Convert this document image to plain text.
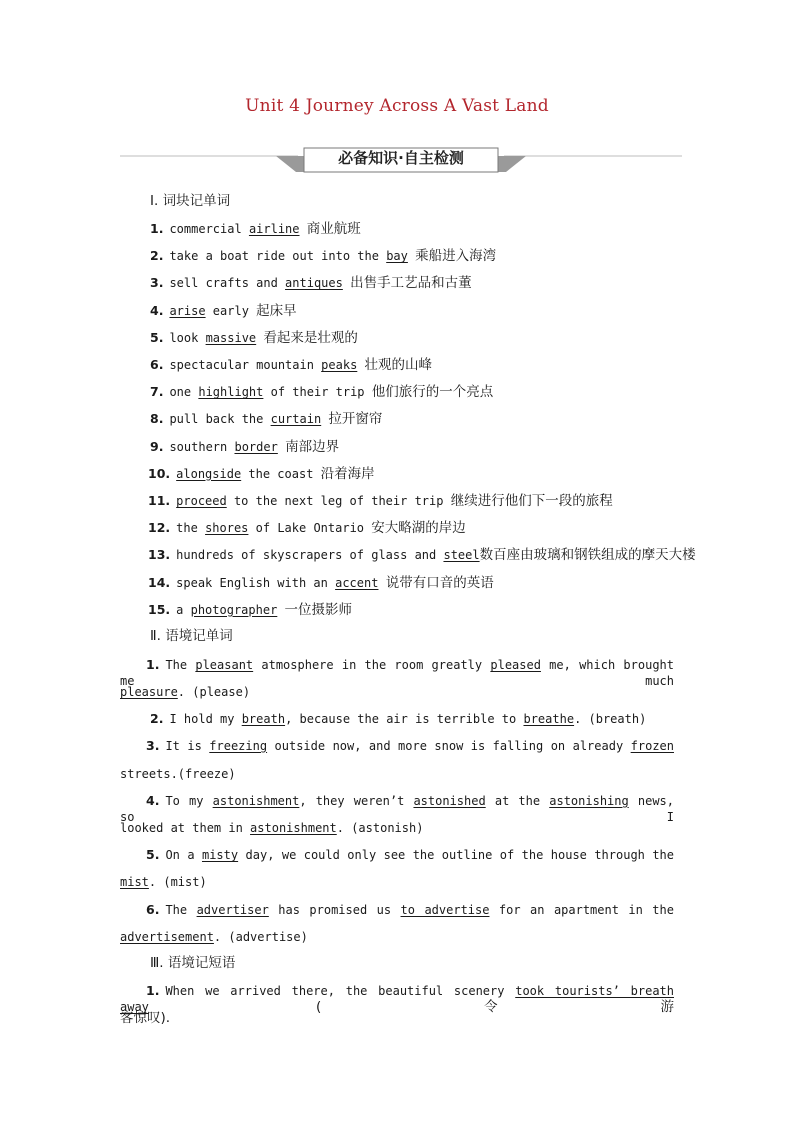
Unit 4 Journey Across A Vast Land
必备知识·自主检测
Ⅰ. 词块记单词
1. commercial airline 商业航班
2. take a boat ride out into the bay 乘船进入海湾
3. sell crafts and antiques 出售手工艺品和古董
4. arise early 起床早
5. look massive 看起来是壮观的
6. spectacular mountain peaks 壮观的山峰
7. one highlight of their trip 他们旅行的一个亮点
8. pull back the curtain 拉开窗帘
9. southern border 南部边界
10. alongside the coast 沿着海岸
11. proceed to the next leg of their trip 继续进行他们下一段的旅程
12. the shores of Lake Ontario 安大略湖的岸边
13. hundreds of skyscrapers of glass and steel数百座由玻璃和钢铁组成的摩天大楼
14. speak English with an accent 说带有口音的英语
15. a photographer 一位摄影师
Ⅱ. 语境记单词
1. The pleasant atmosphere in the room greatly pleased me, which brought me much
pleasure. (please)
2. I hold my breath, because the air is terrible to breathe. (breath)
3. It is freezing outside now, and more snow is falling on already frozen
streets.(freeze)
4. To my astonishment, they weren’t astonished at the astonishing news, so I
looked at them in astonishment. (astonish)
5. On a misty day, we could only see the outline of the house through the
mist. (mist)
6. The advertiser has promised us to advertise for an apartment in the
advertisement. (advertise)
Ⅲ. 语境记短语
1. When we arrived there, the beautiful scenery took tourists’ breath away (令游
客惊叹).
